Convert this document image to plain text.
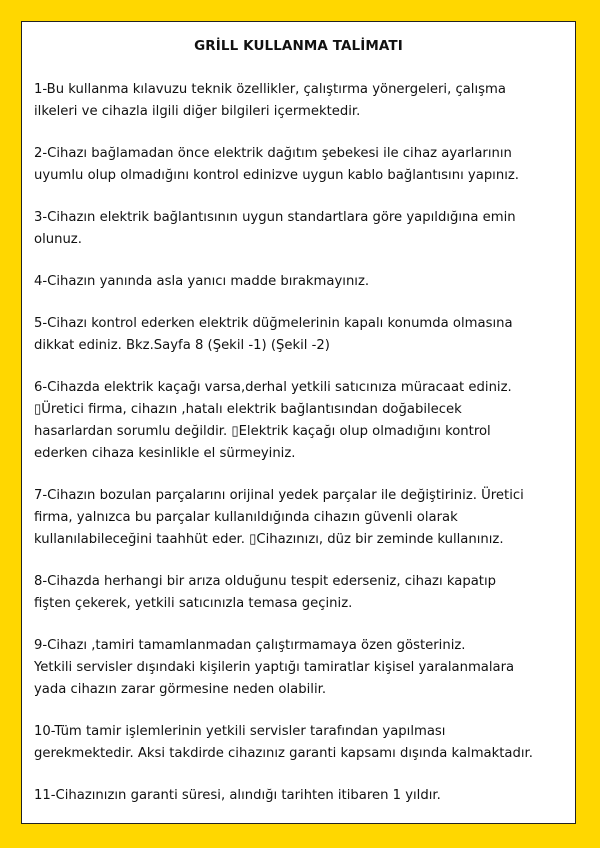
GRİLL KULLANMA TALİMATI
1-Bu kullanma kılavuzu teknik özellikler, çalıştırma yönergeleri, çalışma
ilkeleri ve cihazla ilgili diğer bilgileri içermektedir.
2-Cihazı bağlamadan önce elektrik dağıtım şebekesi ile cihaz ayarlarının
uyumlu olup olmadığını kontrol edinizve uygun kablo bağlantısını yapınız.
3-Cihazın elektrik bağlantısının uygun standartlara göre yapıldığına emin
olunuz.
4-Cihazın yanında asla yanıcı madde bırakmayınız.
5-Cihazı kontrol ederken elektrik düğmelerinin kapalı konumda olmasına
dikkat ediniz. Bkz.Sayfa 8 (Şekil -1) (Şekil -2)
6-Cihazda elektrik kaçağı varsa,derhal yetkili satıcınıza müracaat ediniz.
▯Üretici firma, cihazın ,hatalı elektrik bağlantısından doğabilecek
hasarlardan sorumlu değildir. ▯Elektrik kaçağı olup olmadığını kontrol
ederken cihaza kesinlikle el sürmeyiniz.
7-Cihazın bozulan parçalarını orijinal yedek parçalar ile değiştiriniz. Üretici
firma, yalnızca bu parçalar kullanıldığında cihazın güvenli olarak
kullanılabileceğini taahhüt eder. ▯Cihazınızı, düz bir zeminde kullanınız.
8-Cihazda herhangi bir arıza olduğunu tespit ederseniz, cihazı kapatıp
fişten çekerek, yetkili satıcınızla temasa geçiniz.
9-Cihazı ,tamiri tamamlanmadan çalıştırmamaya özen gösteriniz.
Yetkili servisler dışındaki kişilerin yaptığı tamiratlar kişisel yaralanmalara
yada cihazın zarar görmesine neden olabilir.
10-Tüm tamir işlemlerinin yetkili servisler tarafından yapılması
gerekmektedir. Aksi takdirde cihazınız garanti kapsamı dışında kalmaktadır.
11-Cihazınızın garanti süresi, alındığı tarihten itibaren 1 yıldır.
